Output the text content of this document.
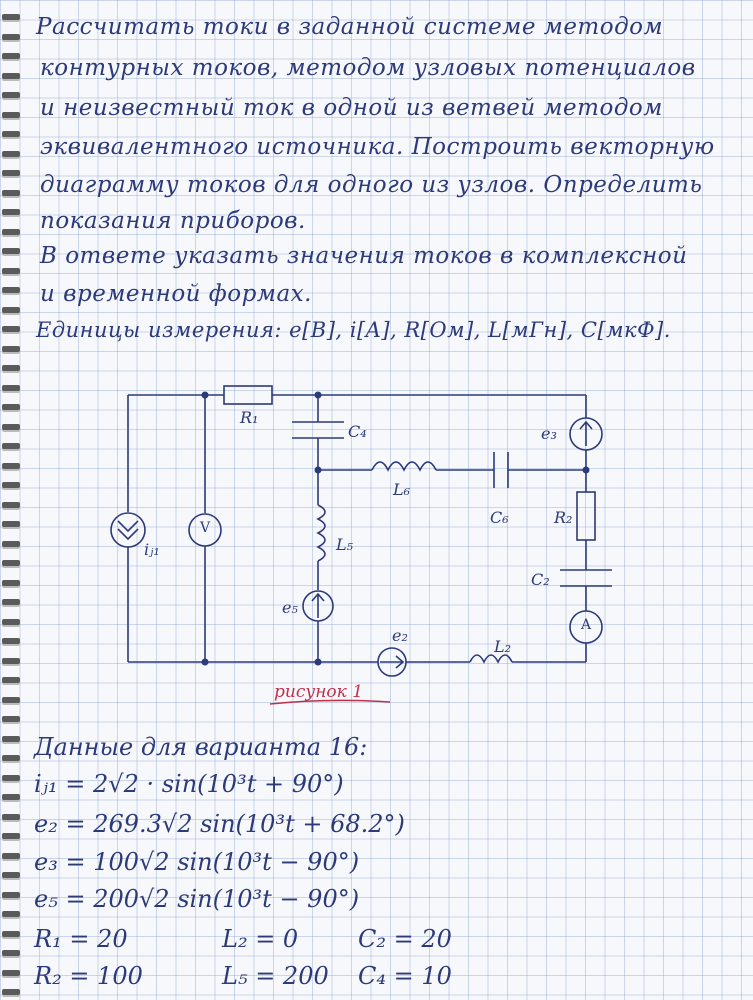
Рассчитать токи в заданной системе методом
контурных токов, методом узловых потенциалов
и неизвестный ток в одной из ветвей методом
эквивалентного источника. Построить векторную
диаграмму токов для одного из узлов. Определить
показания приборов.
В ответе указать значения токов в комплексной
и временной формах.
Единицы измерения: e[В], i[A], R[Ом], L[мГн], C[мкФ].
R₁
C₄	e₃
L₆
C₆	R₂
iⱼ₁	L₅
e₅
C₂
e₂
L₂
V
A
рисунок 1
Данные для варианта 16:
iⱼ₁ = 2√2 · sin(10³t + 90°)
e₂ = 269.3√2 sin(10³t + 68.2°)
e₃ = 100√2 sin(10³t − 90°)
e₅ = 200√2 sin(10³t − 90°)
R₁ = 20	L₂ = 0 C₂ = 20
R₂ = 100	L₅ = 200 C₄ = 10
